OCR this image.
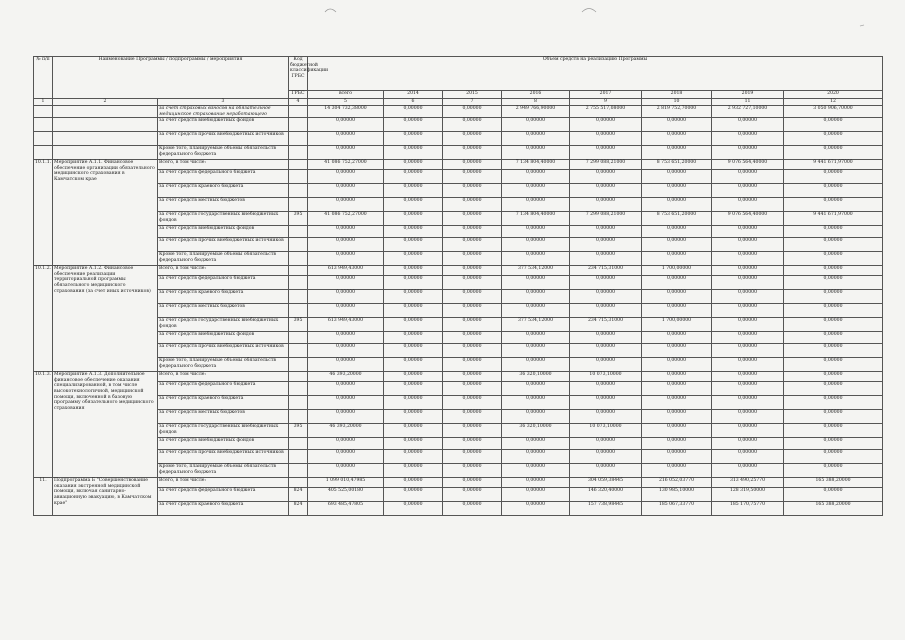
№ п/п	Наименование Программы / подпрограммы / мероприятия		Код бюджетной классификации ГРБС	Объем средств на реализацию Программы							
			ГРБС	всего	2014	2015	2016	2017	2018	2019	2020
1	2	3	4	5	6	7	8	9	10	11	12
		за счет страховых взносов на обязательное медицинское страхование неработающего		14 304 732,38000	0,00000	0,00000	2 949 766,90000	2 755 517,08000	2 819 752,70000	2 932 727,10000	3 050 906,70000
		за счет средств внебюджетных фондов		0,00000	0,00000	0,00000	0,00000	0,00000	0,00000	0,00000	0,00000
		за счет средств прочих внебюджетных источников		0,00000	0,00000	0,00000	0,00000	0,00000	0,00000	0,00000	0,00000
		Кроме того, планируемые объемы обязательств федерального бюджета		0,00000	0,00000	0,00000	0,00000	0,00000	0,00000	0,00000	0,00000
10.1.1.	Мероприятие А.1.1. Финансовое обеспечение организации обязательного медицинского страхования в Камчатском крае	Всего, в том числе:		41 086 752,27000	0,00000	0,00000	7 134 804,40000	7 299 088,21000	8 753 651,20000	9 076 564,40000	9 441 671,97000
		за счет средств федерального бюджета		0,00000	0,00000	0,00000	0,00000	0,00000	0,00000	0,00000	0,00000
		за счет средств краевого бюджета		0,00000	0,00000	0,00000	0,00000	0,00000	0,00000	0,00000	0,00000
		за счет средств местных бюджетов		0,00000	0,00000	0,00000	0,00000	0,00000	0,00000	0,00000	0,00000
		за счет средств государственных внебюджетных фондов	395	41 086 752,27000	0,00000	0,00000	7 134 804,40000	7 299 088,21000	8 753 651,20000	9 076 564,40000	9 441 671,97000
		за счет средств внебюджетных фондов		0,00000	0,00000	0,00000	0,00000	0,00000	0,00000	0,00000	0,00000
		за счет средств прочих внебюджетных источников		0,00000	0,00000	0,00000	0,00000	0,00000	0,00000	0,00000	0,00000
		Кроме того, планируемые объемы обязательств федерального бюджета		0,00000	0,00000	0,00000	0,00000	0,00000	0,00000	0,00000	0,00000
10.1.2.	Мероприятие А.1.2. Финансовое обеспечение реализации территориальной программы обязательного медицинского страхования (за счет иных источников)	Всего, в том числе:		613 949,43000	0,00000	0,00000	377 534,12000	234 715,31000	1 700,00000	0,00000	0,00000
		за счет средств федерального бюджета		0,00000	0,00000	0,00000	0,00000	0,00000	0,00000	0,00000	0,00000
		за счет средств краевого бюджета		0,00000	0,00000	0,00000	0,00000	0,00000	0,00000	0,00000	0,00000
		за счет средств местных бюджетов		0,00000	0,00000	0,00000	0,00000	0,00000	0,00000	0,00000	0,00000
		за счет средств государственных внебюджетных фондов	395	613 949,43000	0,00000	0,00000	377 534,12000	234 715,31000	1 700,00000	0,00000	0,00000
		за счет средств внебюджетных фондов		0,00000	0,00000	0,00000	0,00000	0,00000	0,00000	0,00000	0,00000
		за счет средств прочих внебюджетных источников		0,00000	0,00000	0,00000	0,00000	0,00000	0,00000	0,00000	0,00000
		Кроме того, планируемые объемы обязательств федерального бюджета		0,00000	0,00000	0,00000	0,00000	0,00000	0,00000	0,00000	0,00000
10.1.3.	Мероприятие А.1.3. Дополнительное финансовое обеспечение оказания специализированной, в том числе высокотехнологичной, медицинской помощи, включенной в базовую программу обязательного медицинского страхования	Всего, в том числе:		46 393,20000	0,00000	0,00000	36 320,10000	10 073,10000	0,00000	0,00000	0,00000
		за счет средств федерального бюджета		0,00000	0,00000	0,00000	0,00000	0,00000	0,00000	0,00000	0,00000
		за счет средств краевого бюджета		0,00000	0,00000	0,00000	0,00000	0,00000	0,00000	0,00000	0,00000
		за счет средств местных бюджетов		0,00000	0,00000	0,00000	0,00000	0,00000	0,00000	0,00000	0,00000
		за счет средств государственных внебюджетных фондов	395	46 393,20000	0,00000	0,00000	36 320,10000	10 073,10000	0,00000	0,00000	0,00000
		за счет средств внебюджетных фондов		0,00000	0,00000	0,00000	0,00000	0,00000	0,00000	0,00000	0,00000
		за счет средств прочих внебюджетных источников		0,00000	0,00000	0,00000	0,00000	0,00000	0,00000	0,00000	0,00000
		Кроме того, планируемые объемы обязательств федерального бюджета		0,00000	0,00000	0,00000	0,00000	0,00000	0,00000	0,00000	0,00000
11.	Подпрограмма Б "Совершенствование оказания экстренной медицинской помощи, включая санитарно-авиационную эвакуацию, в Камчатском крае"	Всего, в том числе:		1 099 010,47985	0,00000	0,00000	0,00000	304 059,38445	216 052,03770	313 490,25770	165 388,20000
		за счет средств федерального бюджета	824	405 525,00180	0,00000	0,00000	0,00000	146 320,40000	130 985,10000	128 319,50000	0,00000
		за счет средств краевого бюджета	824	693 485,47805	0,00000	0,00000	0,00000	157 738,98445	185 067,33770	185 170,75770	165 388,20000
